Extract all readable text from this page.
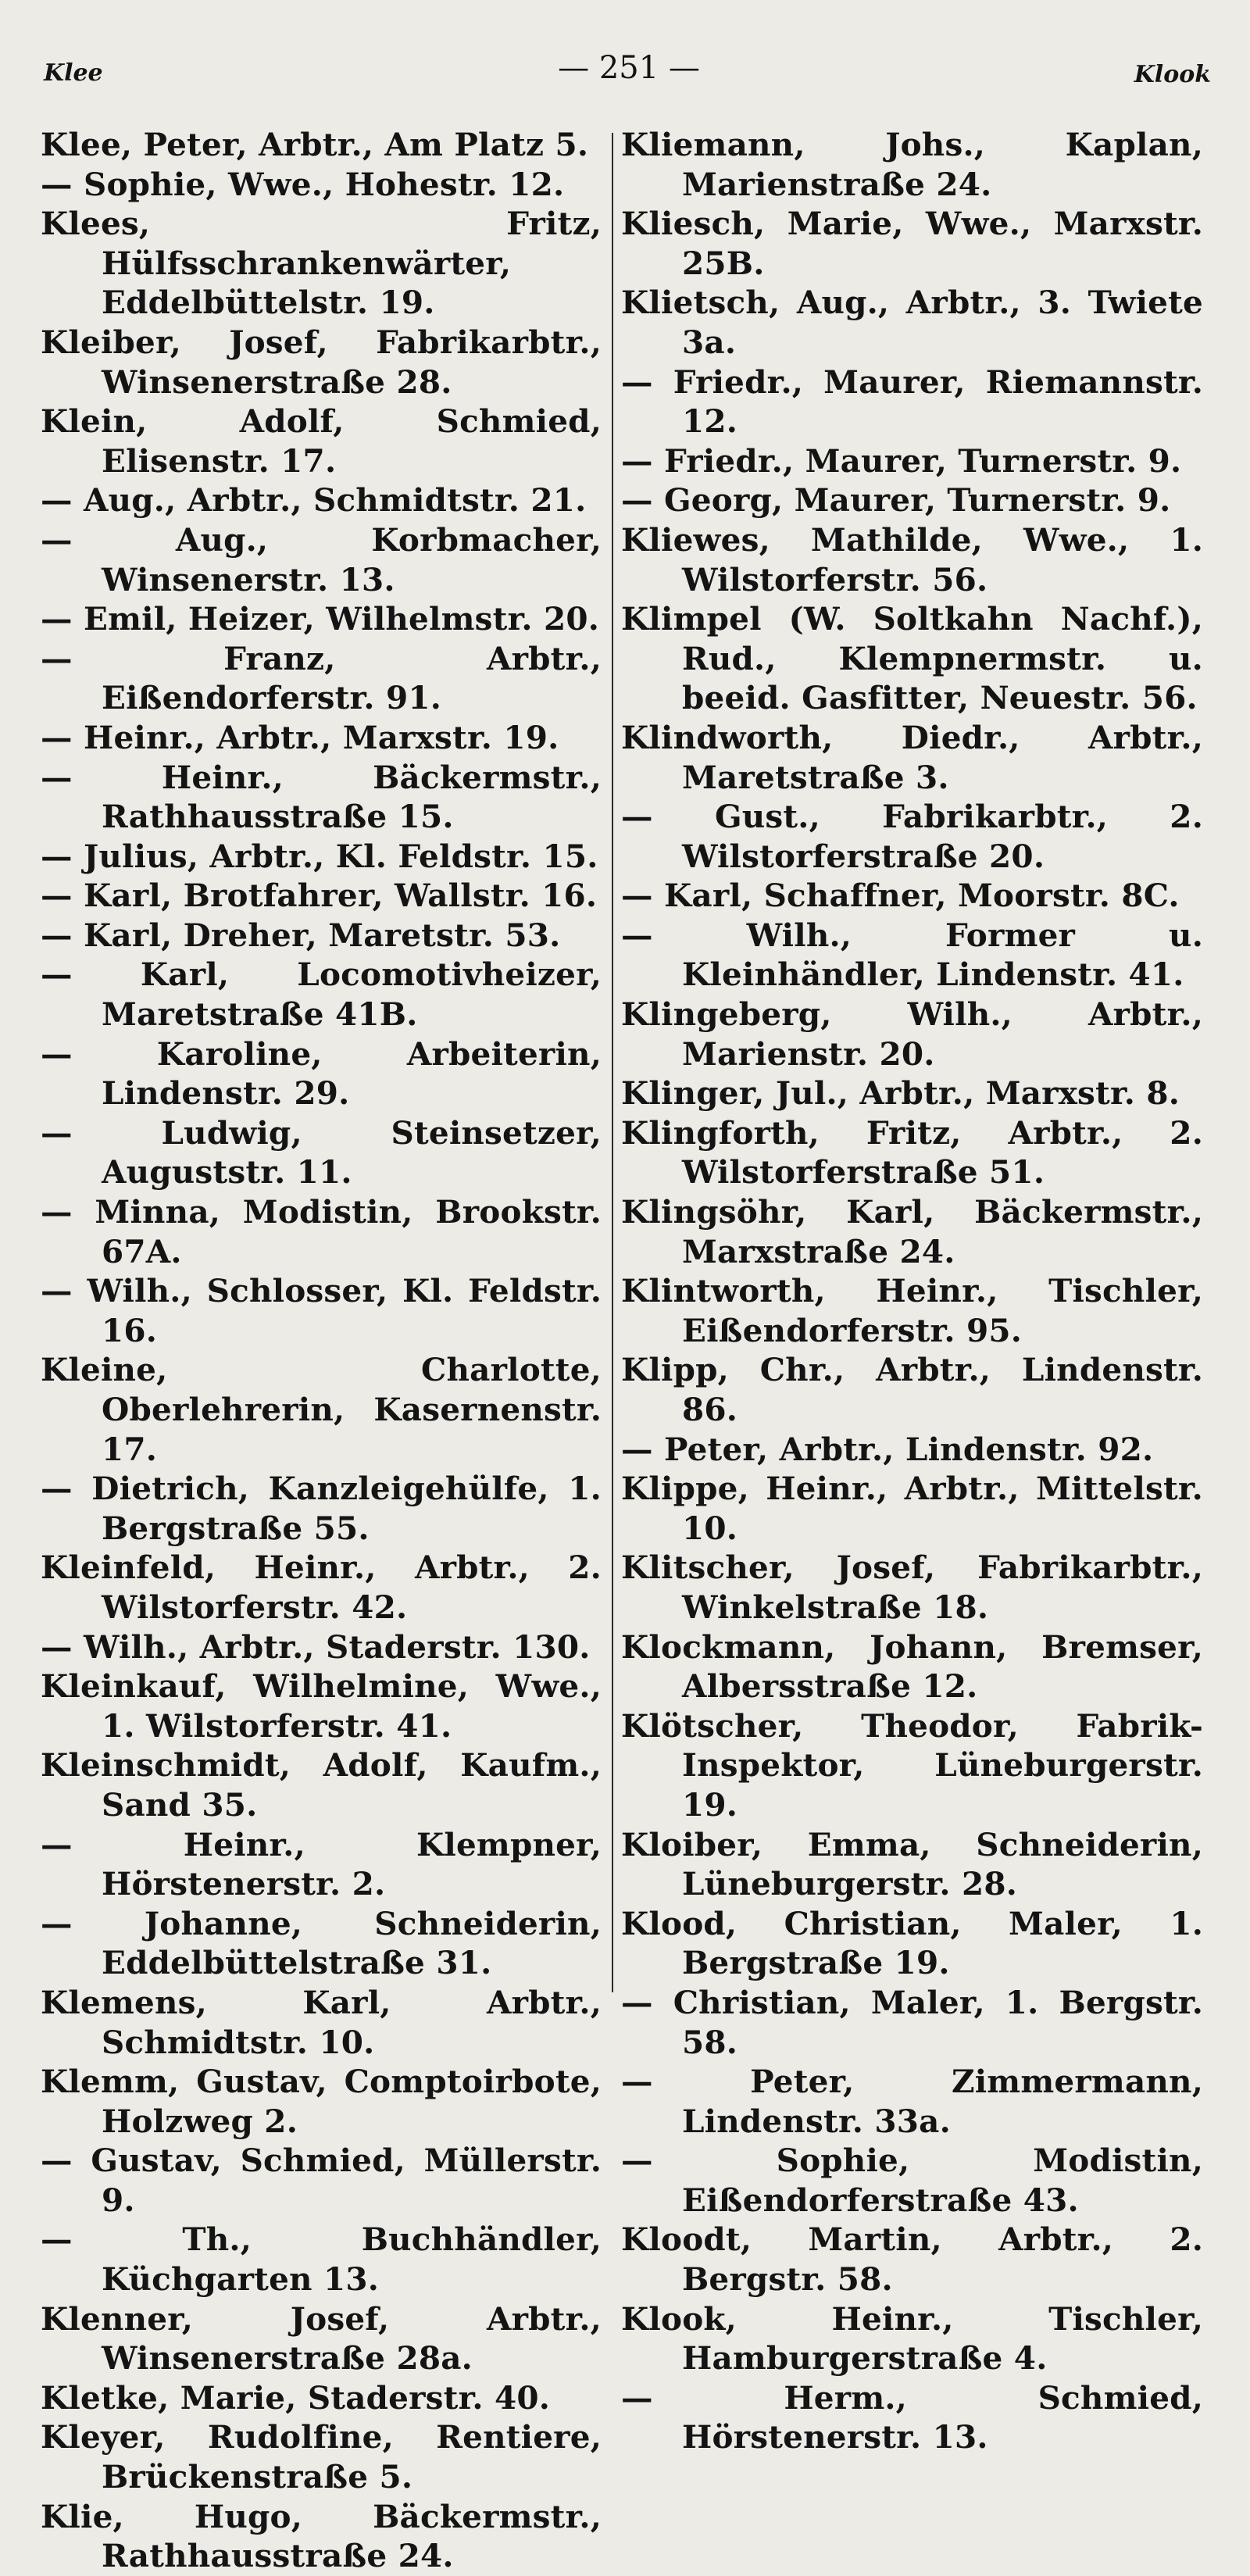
Klee	— 251 —	Klook
Klee, Peter, Arbtr., Am Platz 5.
— Sophie, Wwe., Hohestr. 12.
Klees, Fritz, Hülfsschrankenwärter, Eddelbüttelstr. 19.
Kleiber, Josef, Fabrikarbtr., Winsenerstraße 28.
Klein, Adolf, Schmied, Elisenstr. 17.
— Aug., Arbtr., Schmidtstr. 21.
— Aug., Korbmacher, Winsenerstr. 13.
— Emil, Heizer, Wilhelmstr. 20.
— Franz, Arbtr., Eißendorferstr. 91.
— Heinr., Arbtr., Marxstr. 19.
— Heinr., Bäckermstr., Rathhausstraße 15.
— Julius, Arbtr., Kl. Feldstr. 15.
— Karl, Brotfahrer, Wallstr. 16.
— Karl, Dreher, Maretstr. 53.
— Karl, Locomotivheizer, Maretstraße 41B.
— Karoline, Arbeiterin, Lindenstr. 29.
— Ludwig, Steinsetzer, Auguststr. 11.
— Minna, Modistin, Brookstr. 67A.
— Wilh., Schlosser, Kl. Feldstr. 16.
Kleine, Charlotte, Oberlehrerin, Kasernenstr. 17.
— Dietrich, Kanzleigehülfe, 1. Bergstraße 55.
Kleinfeld, Heinr., Arbtr., 2. Wilstorferstr. 42.
— Wilh., Arbtr., Staderstr. 130.
Kleinkauf, Wilhelmine, Wwe., 1. Wilstorferstr. 41.
Kleinschmidt, Adolf, Kaufm., Sand 35.
— Heinr., Klempner, Hörstenerstr. 2.
— Johanne, Schneiderin, Eddelbüttelstraße 31.
Klemens, Karl, Arbtr., Schmidtstr. 10.
Klemm, Gustav, Comptoirbote, Holzweg 2.
— Gustav, Schmied, Müllerstr. 9.
— Th., Buchhändler, Küchgarten 13.
Klenner, Josef, Arbtr., Winsenerstraße 28a.
Kletke, Marie, Staderstr. 40.
Kleyer, Rudolfine, Rentiere, Brückenstraße 5.
Klie, Hugo, Bäckermstr., Rathhausstraße 24.
Kliemann, Johs., Kaplan, Marienstraße 24.
Kliesch, Marie, Wwe., Marxstr. 25B.
Klietsch, Aug., Arbtr., 3. Twiete 3a.
— Friedr., Maurer, Riemannstr. 12.
— Friedr., Maurer, Turnerstr. 9.
— Georg, Maurer, Turnerstr. 9.
Kliewes, Mathilde, Wwe., 1. Wilstorferstr. 56.
Klimpel (W. Soltkahn Nachf.), Rud., Klempnermstr. u. beeid. Gasfitter, Neuestr. 56.
Klindworth, Diedr., Arbtr., Maretstraße 3.
— Gust., Fabrikarbtr., 2. Wilstorferstraße 20.
— Karl, Schaffner, Moorstr. 8C.
— Wilh., Former u. Kleinhändler, Lindenstr. 41.
Klingeberg, Wilh., Arbtr., Marienstr. 20.
Klinger, Jul., Arbtr., Marxstr. 8.
Klingforth, Fritz, Arbtr., 2. Wilstorferstraße 51.
Klingsöhr, Karl, Bäckermstr., Marxstraße 24.
Klintworth, Heinr., Tischler, Eißendorferstr. 95.
Klipp, Chr., Arbtr., Lindenstr. 86.
— Peter, Arbtr., Lindenstr. 92.
Klippe, Heinr., Arbtr., Mittelstr. 10.
Klitscher, Josef, Fabrikarbtr., Winkelstraße 18.
Klockmann, Johann, Bremser, Albersstraße 12.
Klötscher, Theodor, Fabrik-Inspektor, Lüneburgerstr. 19.
Kloiber, Emma, Schneiderin, Lüneburgerstr. 28.
Klood, Christian, Maler, 1. Bergstraße 19.
— Christian, Maler, 1. Bergstr. 58.
— Peter, Zimmermann, Lindenstr. 33a.
— Sophie, Modistin, Eißendorferstraße 43.
Kloodt, Martin, Arbtr., 2. Bergstr. 58.
Klook, Heinr., Tischler, Hamburgerstraße 4.
— Herm., Schmied, Hörstenerstr. 13.
